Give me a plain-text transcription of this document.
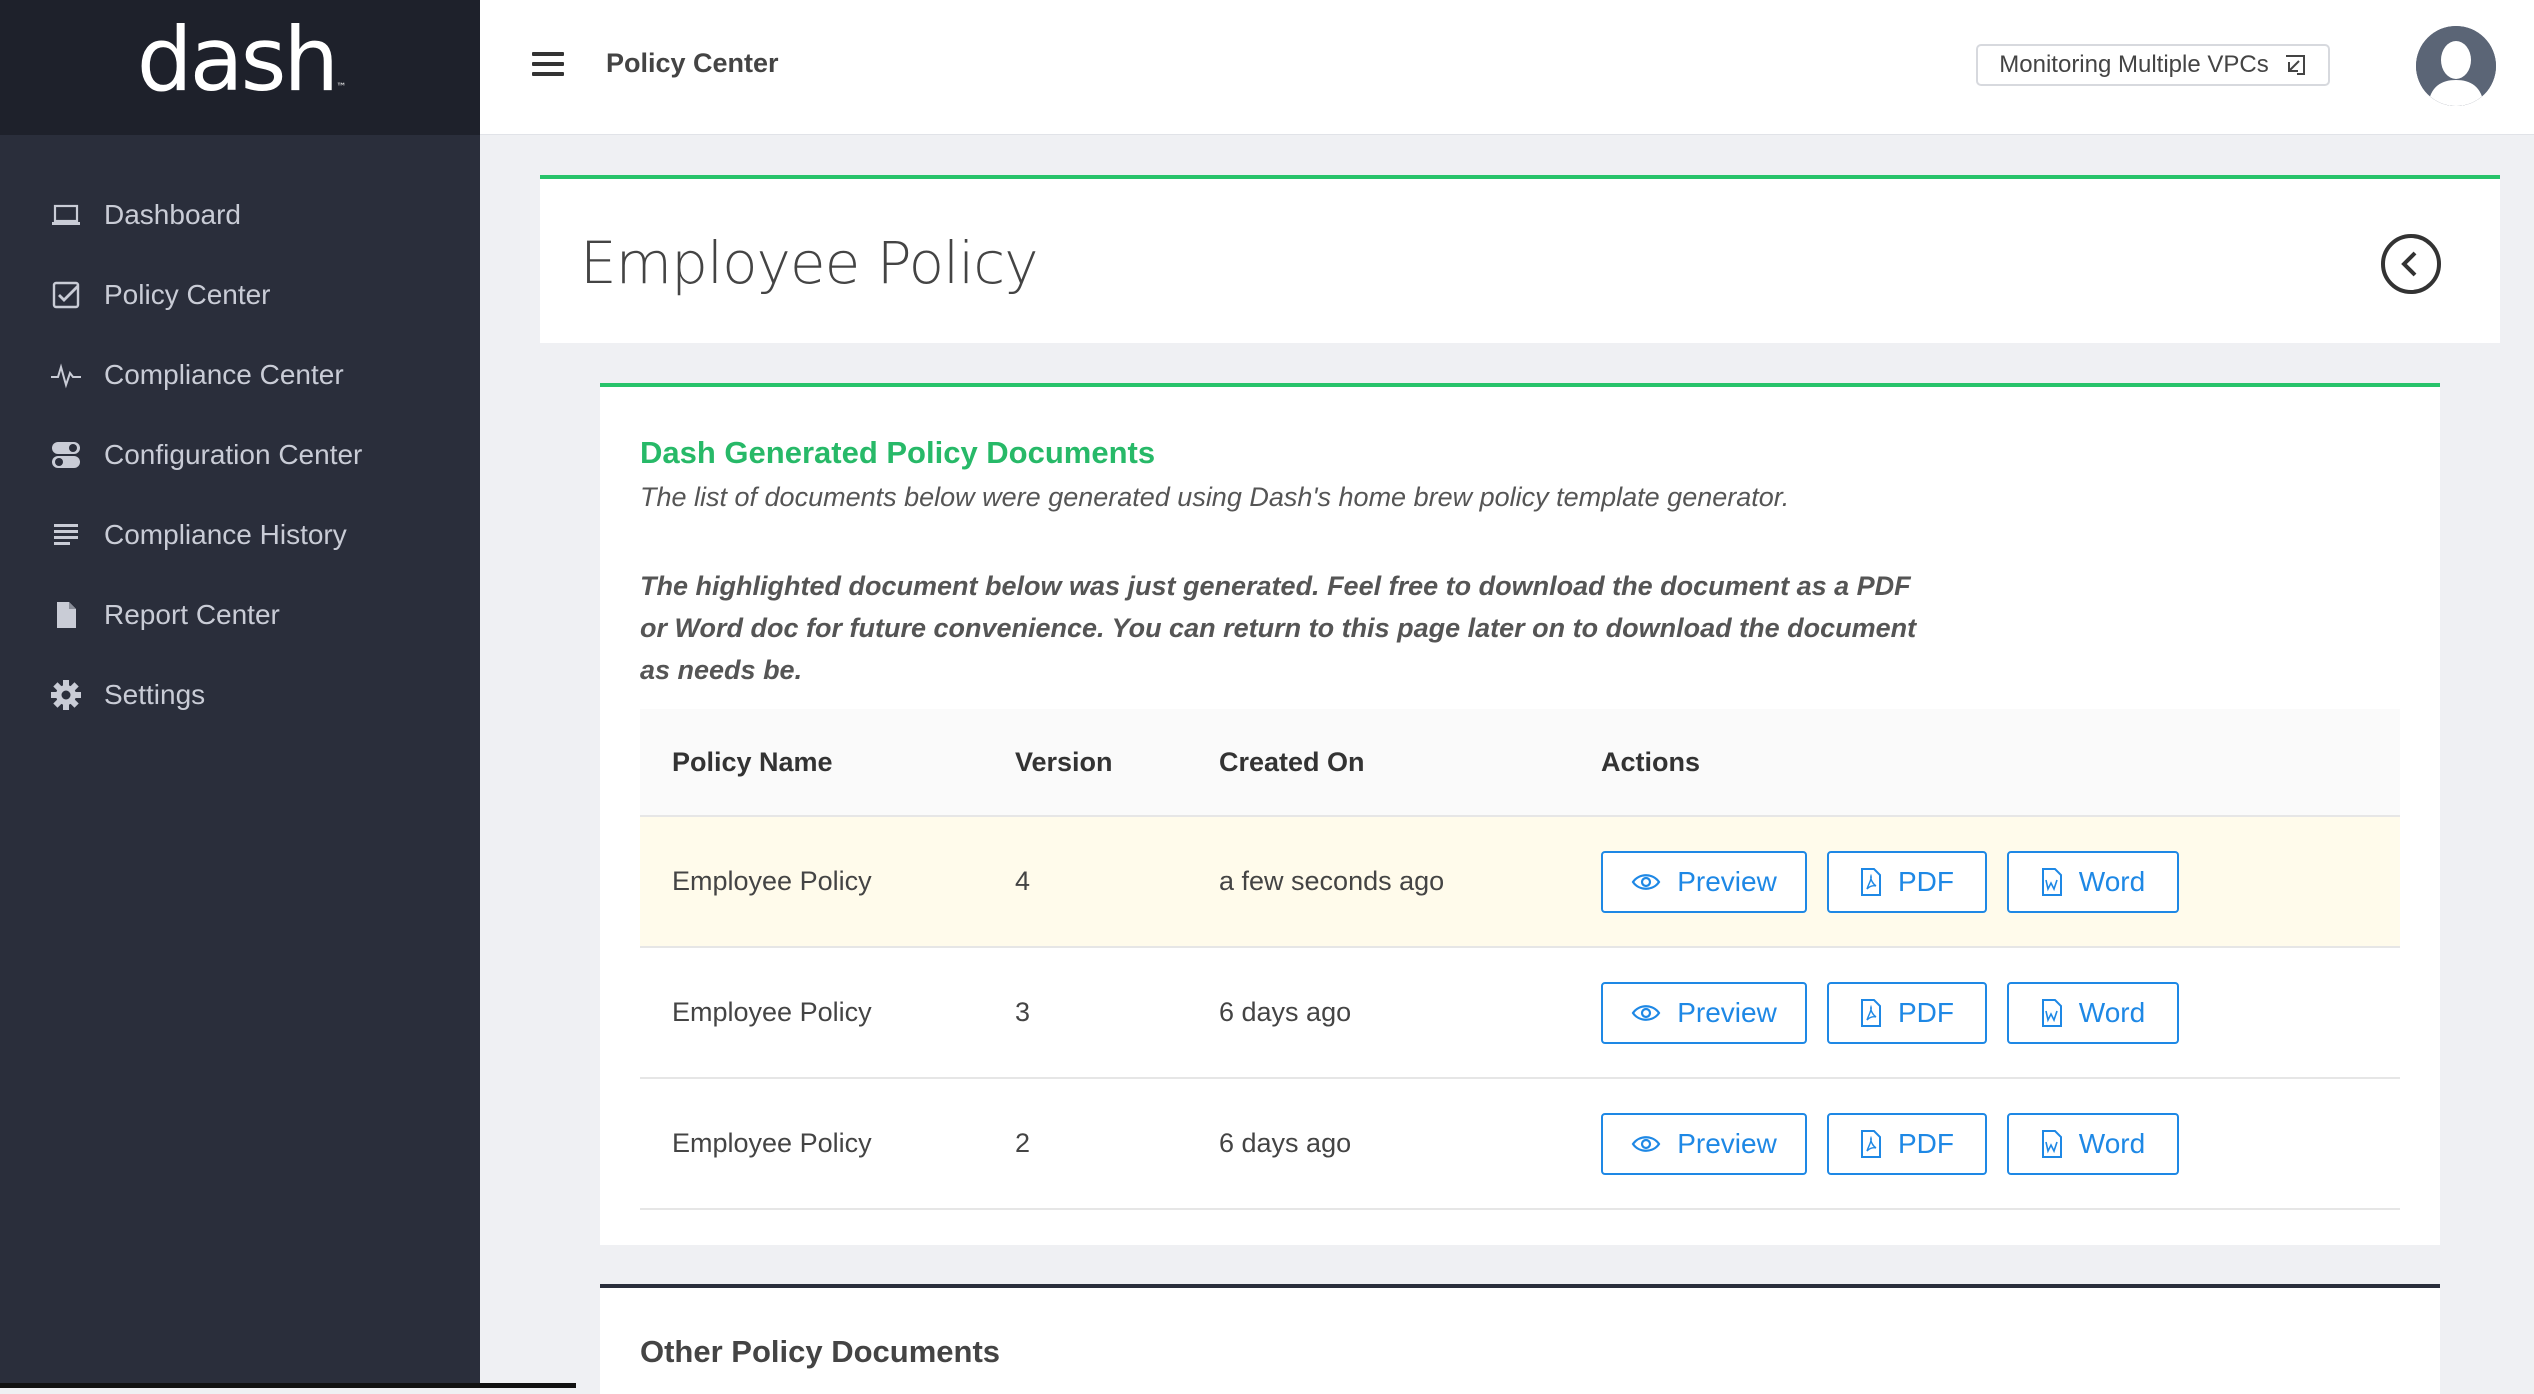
dash™
Dashboard
Policy Center
Compliance Center
Configuration Center
Compliance History
Report Center
Settings
Policy Center	Monitoring Multiple VPCs
Employee Policy
Dash Generated Policy Documents
The list of documents below were generated using Dash's home brew policy template generator.
The highlighted document below was just generated. Feel free to download the document as a PDF or Word doc for future convenience. You can return to this page later on to download the document as needs be.
Policy Name	Version	Created On	Actions
Employee Policy	4	a few seconds ago	Preview	PDF	Word
Employee Policy	3	6 days ago	Preview	PDF	Word
Employee Policy	2	6 days ago	Preview	PDF	Word
Other Policy Documents
